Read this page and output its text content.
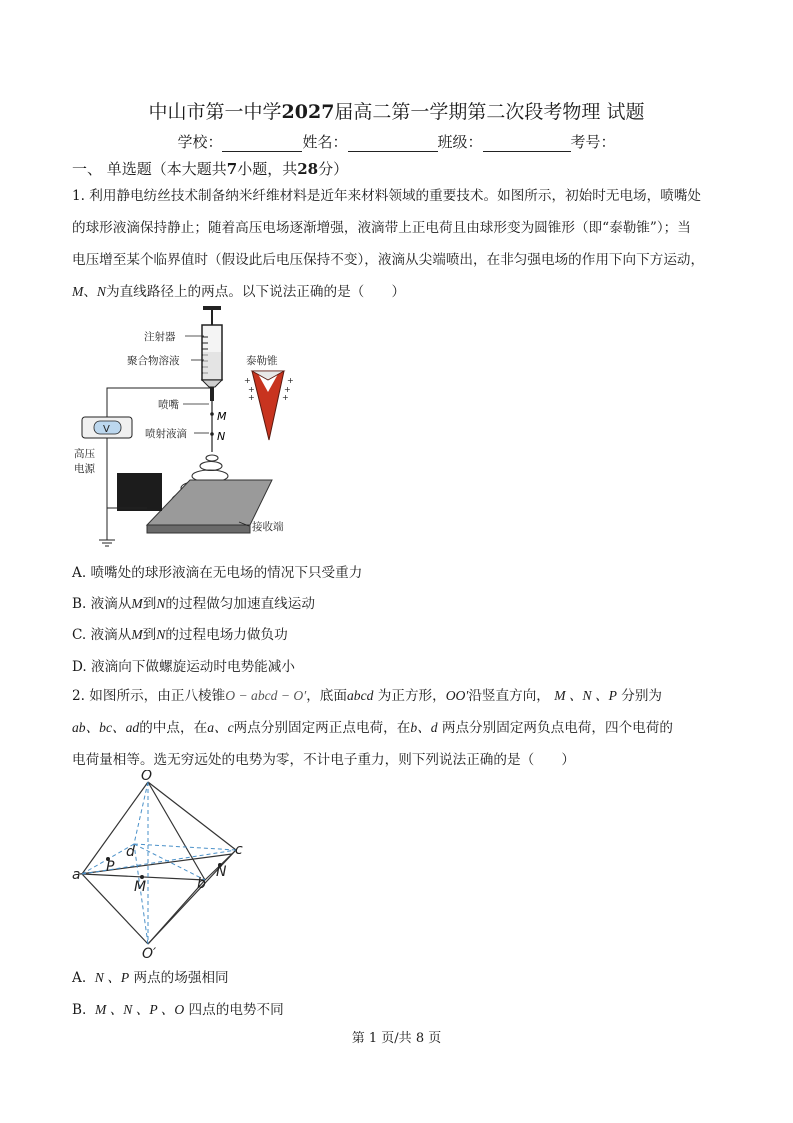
中山市第一中学2027届高二第一学期第二次段考物理 试题
学校：	姓名：	班级：	考号：
一、 单选题（本大题共7小题，共28分）
1. 利用静电纺丝技术制备纳米纤维材料是近年来材料领域的重要技术。如图所示，初始时无电场，喷嘴处
的球形液滴保持静止；随着高压电场逐渐增强，液滴带上正电荷且由球形变为圆锥形（即“泰勒锥”）；当
电压增至某个临界值时（假设此后电压保持不变），液滴从尖端喷出，在非匀强电场的作用下向下方运动，
M、N为直线路径上的两点。以下说法正确的是（　　）
注射器
聚合物溶液
喷嘴
喷射液滴
M
N
接收端
V
高压
电源
泰勒锥
+
+
+
+
+
+
A. 喷嘴处的球形液滴在无电场的情况下只受重力
B. 液滴从M到N的过程做匀加速直线运动
C. 液滴从M到N的过程电场力做负功
D. 液滴向下做螺旋运动时电势能减小
2. 如图所示，由正八棱锥O − abcd − O′，底面abcd 为正方形，OO′沿竖直方向， M 、N 、P 分别为
ab、bc、ad的中点，在a、c两点分别固定两正点电荷，在b、d 两点分别固定两负点电荷，四个电荷的
电荷量相等。选无穷远处的电势为零，不计电子重力，则下列说法正确的是（　　）
O
O′
a
b
c
d
P
M
N
A. N 、P 两点的场强相同
B. M 、N 、P 、O 四点的电势不同
第 1 页/共 8 页
